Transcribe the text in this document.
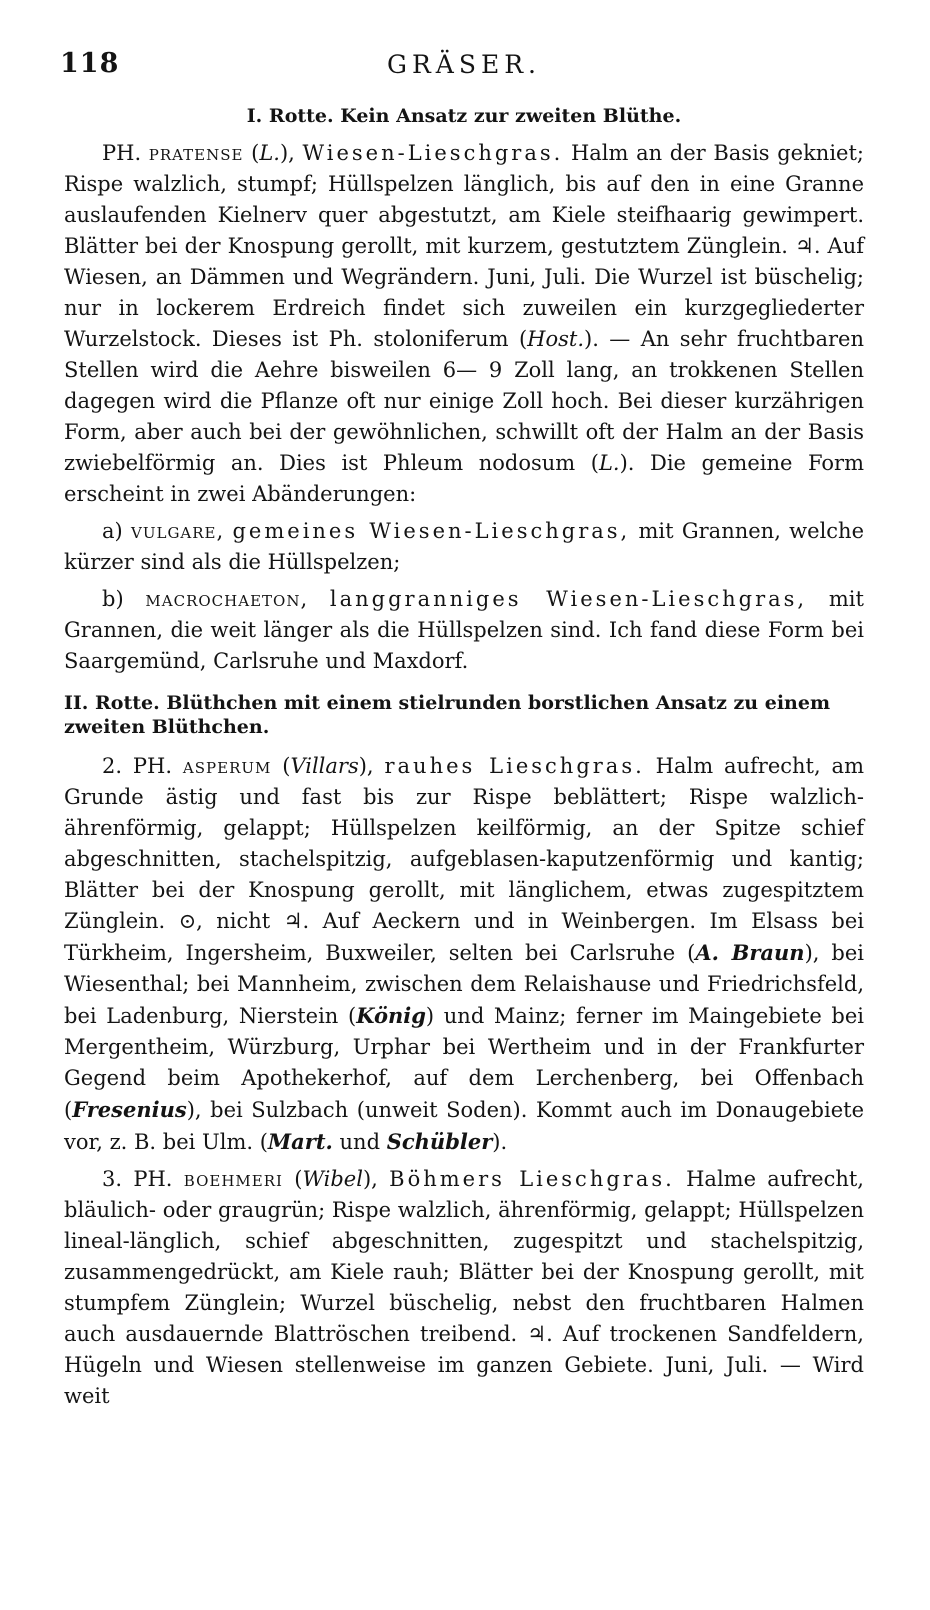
118	GRÄSER.
I. Rotte. Kein Ansatz zur zweiten Blüthe.

PH. pratense (L.), Wiesen-Lieschgras. Halm an der Basis gekniet; Rispe walzlich, stumpf; Hüllspelzen länglich, bis auf den in eine Granne auslaufenden Kielnerv quer abgestutzt, am Kiele steifhaarig gewimpert. Blätter bei der Knospung gerollt, mit kurzem, gestutztem Zünglein. ♃. Auf Wiesen, an Dämmen und Wegrändern. Juni, Juli. Die Wurzel ist büschelig; nur in lockerem Erdreich findet sich zuweilen ein kurzgegliederter Wurzelstock. Dieses ist Ph. stoloniferum (Host.). — An sehr fruchtbaren Stellen wird die Aehre bisweilen 6— 9 Zoll lang, an trokkenen Stellen dagegen wird die Pflanze oft nur einige Zoll hoch. Bei dieser kurzährigen Form, aber auch bei der gewöhnlichen, schwillt oft der Halm an der Basis zwiebelförmig an. Dies ist Phleum nodosum (L.). Die gemeine Form erscheint in zwei Abänderungen:

a) vulgare, gemeines Wiesen-Lieschgras, mit Grannen, welche kürzer sind als die Hüllspelzen;

b) macrochaeton, langgranniges Wiesen-Lieschgras, mit Grannen, die weit länger als die Hüllspelzen sind. Ich fand diese Form bei Saargemünd, Carlsruhe und Maxdorf.

II. Rotte. Blüthchen mit einem stielrunden borstlichen Ansatz zu einem zweiten Blüthchen.

2. PH. asperum (Villars), rauhes Lieschgras. Halm aufrecht, am Grunde ästig und fast bis zur Rispe beblättert; Rispe walzlich-ährenförmig, gelappt; Hüllspelzen keilförmig, an der Spitze schief abgeschnitten, stachelspitzig, aufgeblasen-kaputzenförmig und kantig; Blätter bei der Knospung gerollt, mit länglichem, etwas zugespitztem Zünglein. ⊙, nicht ♃. Auf Aeckern und in Weinbergen. Im Elsass bei Türkheim, Ingersheim, Buxweiler, selten bei Carlsruhe (A. Braun), bei Wiesenthal; bei Mannheim, zwischen dem Relaishause und Friedrichsfeld, bei Ladenburg, Nierstein (König) und Mainz; ferner im Maingebiete bei Mergentheim, Würzburg, Urphar bei Wertheim und in der Frankfurter Gegend beim Apothekerhof, auf dem Lerchenberg, bei Offenbach (Fresenius), bei Sulzbach (unweit Soden). Kommt auch im Donaugebiete vor, z. B. bei Ulm. (Mart. und Schübler).

3. PH. boehmeri (Wibel), Böhmers Lieschgras. Halme aufrecht, bläulich- oder graugrün; Rispe walzlich, ährenförmig, gelappt; Hüllspelzen lineal-länglich, schief abgeschnitten, zugespitzt und stachelspitzig, zusammengedrückt, am Kiele rauh; Blätter bei der Knospung gerollt, mit stumpfem Zünglein; Wurzel büschelig, nebst den fruchtbaren Halmen auch ausdauernde Blattröschen treibend. ♃. Auf trockenen Sandfeldern, Hügeln und Wiesen stellenweise im ganzen Gebiete. Juni, Juli. — Wird weit
